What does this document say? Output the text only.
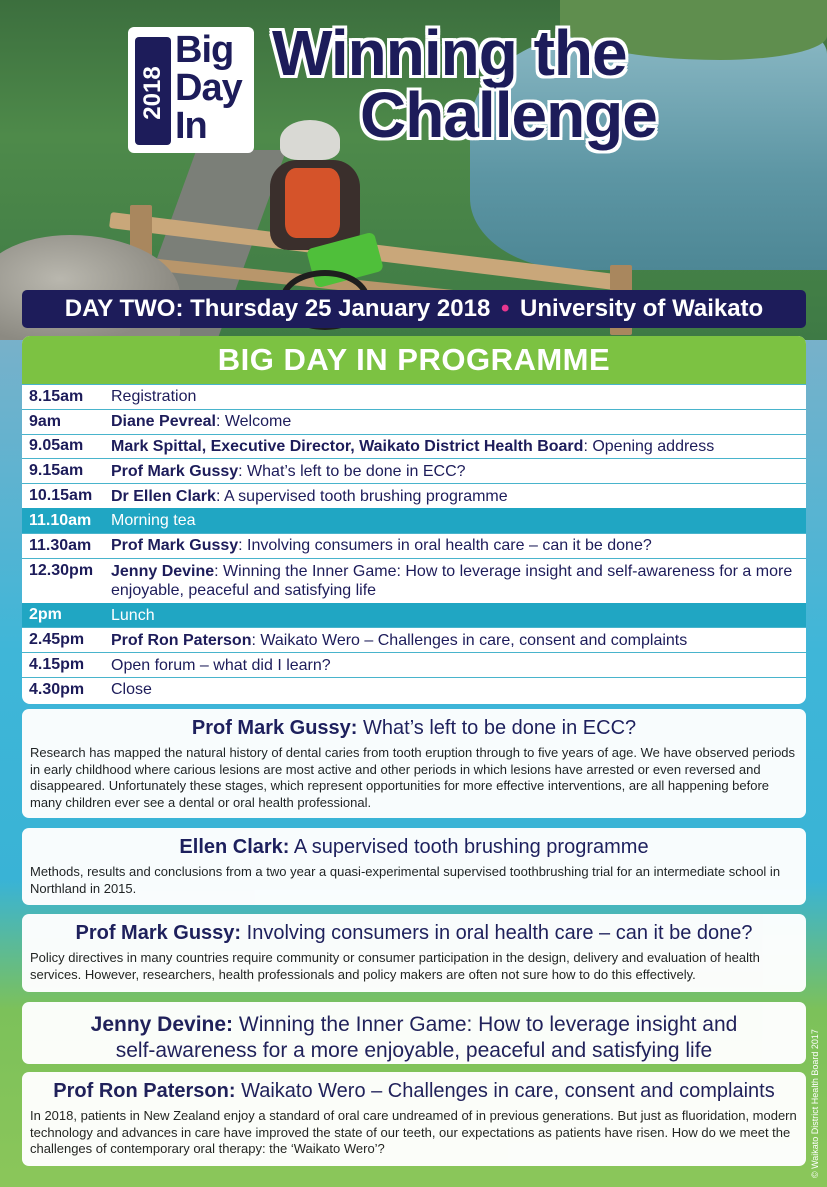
2018
Big
Day
In
Winning the
Challenge
DAY TWO: Thursday 25 January 2018 • University of Waikato
BIG DAY IN PROGRAMME
8.15am	Registration
9am	Diane Pevreal: Welcome
9.05am	Mark Spittal, Executive Director, Waikato District Health Board: Opening address
9.15am	Prof Mark Gussy: What’s left to be done in ECC?
10.15am	Dr Ellen Clark: A supervised tooth brushing programme
11.10am	Morning tea
11.30am	Prof Mark Gussy: Involving consumers in oral health care – can it be done?
12.30pm	Jenny Devine: Winning the Inner Game: How to leverage insight and self-awareness for a more enjoyable, peaceful and satisfying life
2pm	Lunch
2.45pm	Prof Ron Paterson: Waikato Wero – Challenges in care, consent and complaints
4.15pm	Open forum – what did I learn?
4.30pm	Close
Prof Mark Gussy: What’s left to be done in ECC?

Research has mapped the natural history of dental caries from tooth eruption through to five years of age. We have observed periods in early childhood where carious lesions are most active and other periods in which lesions have arrested or even reversed and disappeared. Unfortunately these stages, which represent opportunities for more effective interventions, are all happening before many children ever see a dental or oral health professional.

Ellen Clark: A supervised tooth brushing programme

Methods, results and conclusions from a two year a quasi-experimental supervised toothbrushing trial for an intermediate school in Northland in 2015.

Prof Mark Gussy: Involving consumers in oral health care – can it be done?

Policy directives in many countries require community or consumer participation in the design, delivery and evaluation of health services. However, researchers, health professionals and policy makers are often not sure how to do this effectively.

Jenny Devine: Winning the Inner Game: How to leverage insight and self-awareness for a more enjoyable, peaceful and satisfying life
Prof Ron Paterson: Waikato Wero – Challenges in care, consent and complaints

In 2018, patients in New Zealand enjoy a standard of oral care undreamed of in previous generations. But just as fluoridation, modern technology and advances in care have improved the state of our teeth, our expectations as patients have risen. How do we meet the challenges of contemporary oral therapy: the ‘Waikato Wero’?	© Waikato District Health Board 2017
